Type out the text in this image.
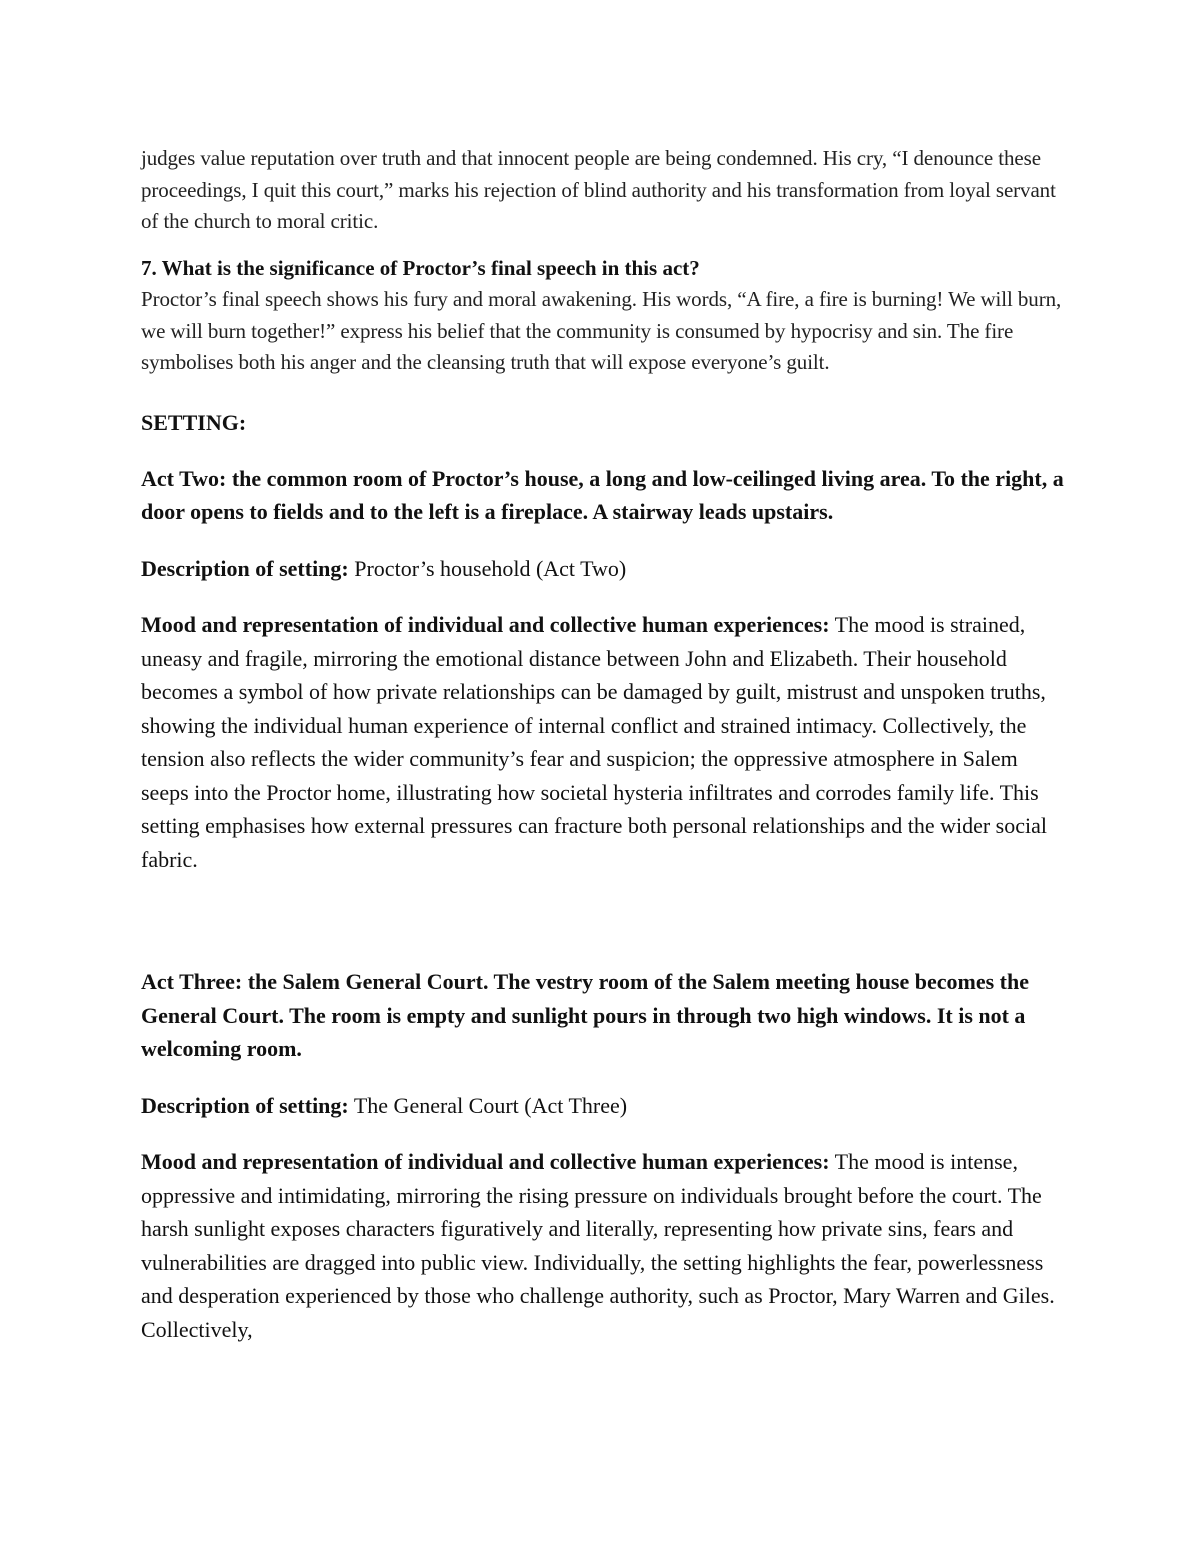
judges value reputation over truth and that innocent people are being condemned. His cry, “I denounce these proceedings, I quit this court,” marks his rejection of blind authority and his transformation from loyal servant of the church to moral critic.

7. What is the significance of Proctor’s final speech in this act?

Proctor’s final speech shows his fury and moral awakening. His words, “A fire, a fire is burning! We will burn, we will burn together!” express his belief that the community is consumed by hypocrisy and sin. The fire symbolises both his anger and the cleansing truth that will expose everyone’s guilt.

SETTING:

Act Two: the common room of Proctor’s house, a long and low-ceilinged living area. To the right, a door opens to fields and to the left is a fireplace. A stairway leads upstairs.

Description of setting: Proctor’s household (Act Two)

Mood and representation of individual and collective human experiences: The mood is strained, uneasy and fragile, mirroring the emotional distance between John and Elizabeth. Their household becomes a symbol of how private relationships can be damaged by guilt, mistrust and unspoken truths, showing the individual human experience of internal conflict and strained intimacy. Collectively, the tension also reflects the wider community’s fear and suspicion; the oppressive atmosphere in Salem seeps into the Proctor home, illustrating how societal hysteria infiltrates and corrodes family life. This setting emphasises how external pressures can fracture both personal relationships and the wider social fabric.

Act Three: the Salem General Court. The vestry room of the Salem meeting house becomes the General Court. The room is empty and sunlight pours in through two high windows. It is not a welcoming room.

Description of setting: The General Court (Act Three)

Mood and representation of individual and collective human experiences: The mood is intense, oppressive and intimidating, mirroring the rising pressure on individuals brought before the court. The harsh sunlight exposes characters figuratively and literally, representing how private sins, fears and vulnerabilities are dragged into public view. Individually, the setting highlights the fear, powerlessness and desperation experienced by those who challenge authority, such as Proctor, Mary Warren and Giles. Collectively,
